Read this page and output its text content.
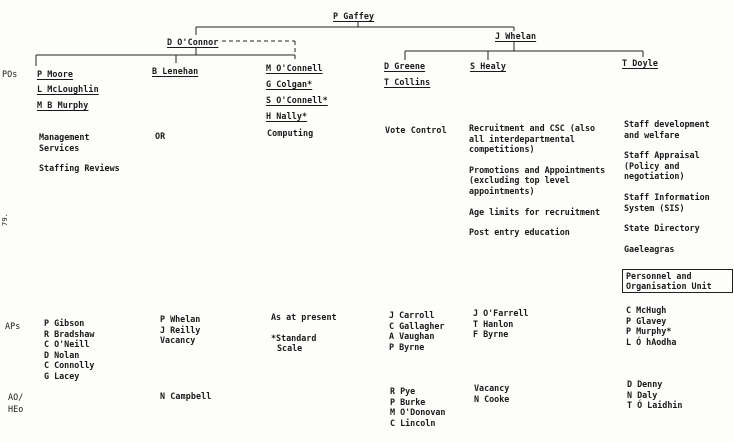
P Gaffey
D O'Connor
J Whelan
POs
APs
AO/
HEo
79.
P Moore
L McLoughlin
M B Murphy
B Lenehan	M O'Connell
G Colgan*
S O'Connell*
H Nally*
D Greene
T Collins
S Healy	T Doyle
Management
Services
Staffing Reviews
OR	Computing	Vote Control	Recruitment and CSC (also
all interdepartmental
competitions)
Promotions and Appointments
(excluding top level
appointments)
Age limits for recruitment
Post entry education
Staff development
and welfare
Staff Appraisal
(Policy and
negotiation)
Staff Information
System (SIS)
State Directory
Gaeleagras
Personnel and
Organisation Unit
P Gibson
R Bradshaw
C O'Neill
D Nolan
C Connolly
G Lacey
P Whelan
J Reilly
Vacancy
As at present
*Standard
Scale
J Carroll
C Gallagher
A Vaughan
P Byrne
J O'Farrell
T Hanlon
F Byrne
C McHugh
P Glavey
P Murphy*
L Ó hAodha
N Campbell	R Pye
P Burke
M O'Donovan
C Lincoln
Vacancy
N Cooke
D Denny
N Daly
T Ó Laidhin
